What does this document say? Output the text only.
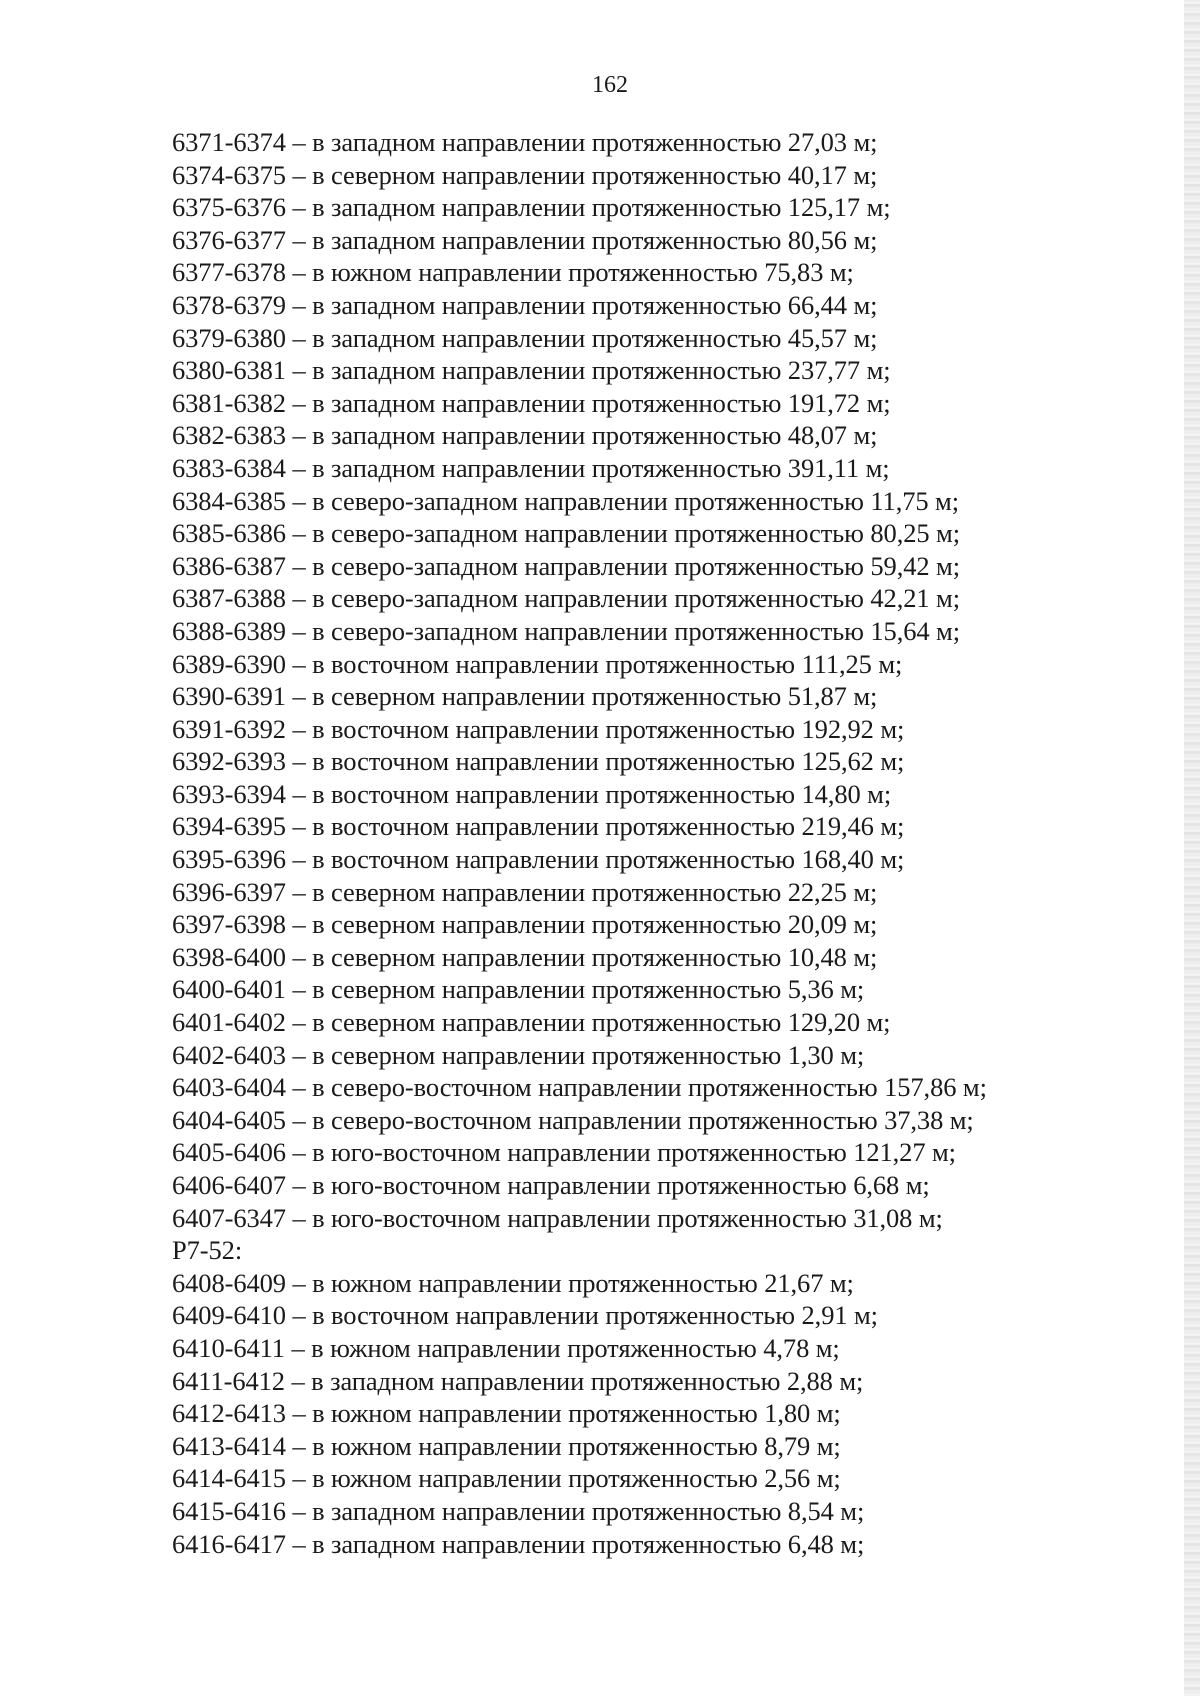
162
6371-6374 – в западном направлении протяженностью 27,03 м;
6374-6375 – в северном направлении протяженностью 40,17 м;
6375-6376 – в западном направлении протяженностью 125,17 м;
6376-6377 – в западном направлении протяженностью 80,56 м;
6377-6378 – в южном направлении протяженностью 75,83 м;
6378-6379 – в западном направлении протяженностью 66,44 м;
6379-6380 – в западном направлении протяженностью 45,57 м;
6380-6381 – в западном направлении протяженностью 237,77 м;
6381-6382 – в западном направлении протяженностью 191,72 м;
6382-6383 – в западном направлении протяженностью 48,07 м;
6383-6384 – в западном направлении протяженностью 391,11 м;
6384-6385 – в северо-западном направлении протяженностью 11,75 м;
6385-6386 – в северо-западном направлении протяженностью 80,25 м;
6386-6387 – в северо-западном направлении протяженностью 59,42 м;
6387-6388 – в северо-западном направлении протяженностью 42,21 м;
6388-6389 – в северо-западном направлении протяженностью 15,64 м;
6389-6390 – в восточном направлении протяженностью 111,25 м;
6390-6391 – в северном направлении протяженностью 51,87 м;
6391-6392 – в восточном направлении протяженностью 192,92 м;
6392-6393 – в восточном направлении протяженностью 125,62 м;
6393-6394 – в восточном направлении протяженностью 14,80 м;
6394-6395 – в восточном направлении протяженностью 219,46 м;
6395-6396 – в восточном направлении протяженностью 168,40 м;
6396-6397 – в северном направлении протяженностью 22,25 м;
6397-6398 – в северном направлении протяженностью 20,09 м;
6398-6400 – в северном направлении протяженностью 10,48 м;
6400-6401 – в северном направлении протяженностью 5,36 м;
6401-6402 – в северном направлении протяженностью 129,20 м;
6402-6403 – в северном направлении протяженностью 1,30 м;
6403-6404 – в северо-восточном направлении протяженностью 157,86 м;
6404-6405 – в северо-восточном направлении протяженностью 37,38 м;
6405-6406 – в юго-восточном направлении протяженностью 121,27 м;
6406-6407 – в юго-восточном направлении протяженностью 6,68 м;
6407-6347 – в юго-восточном направлении протяженностью 31,08 м;
Р7-52:
6408-6409 – в южном направлении протяженностью 21,67 м;
6409-6410 – в восточном направлении протяженностью 2,91 м;
6410-6411 – в южном направлении протяженностью 4,78 м;
6411-6412 – в западном направлении протяженностью 2,88 м;
6412-6413 – в южном направлении протяженностью 1,80 м;
6413-6414 – в южном направлении протяженностью 8,79 м;
6414-6415 – в южном направлении протяженностью 2,56 м;
6415-6416 – в западном направлении протяженностью 8,54 м;
6416-6417 – в западном направлении протяженностью 6,48 м;
